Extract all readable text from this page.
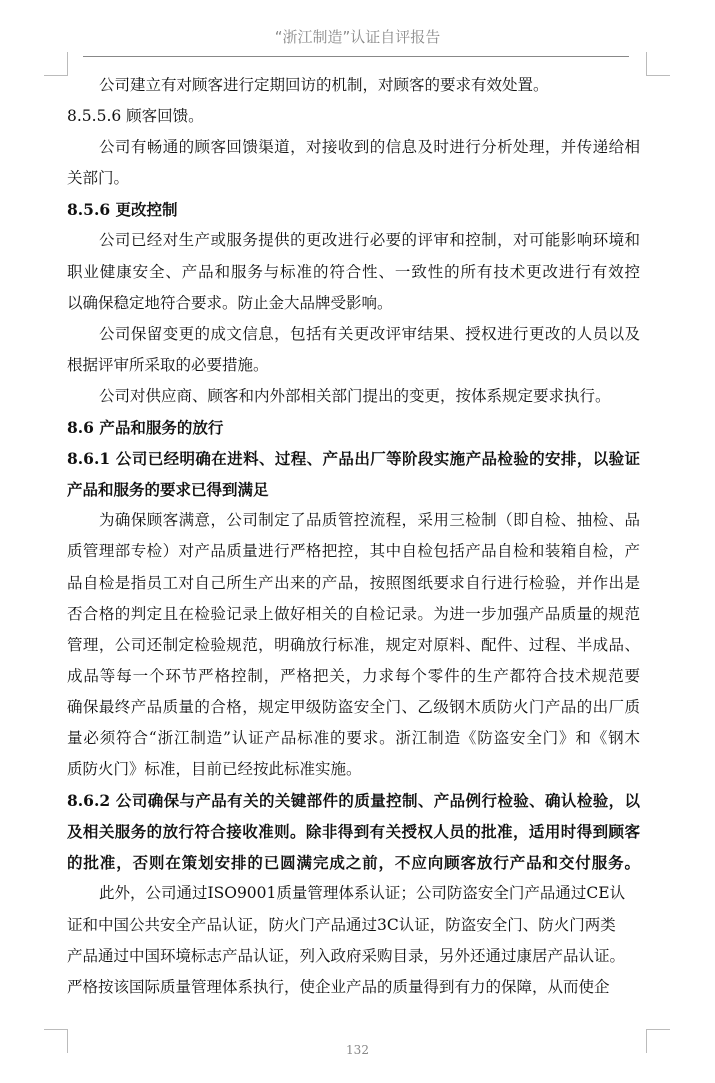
“浙江制造”认证自评报告
公司建立有对顾客进行定期回访的机制，对顾客的要求有效处置。
8.5.5.6 顾客回馈。
公司有畅通的顾客回馈渠道，对接收到的信息及时进行分析处理，并传递给相
关部门。
8.5.6 更改控制
公司已经对生产或服务提供的更改进行必要的评审和控制，对可能影响环境和
职业健康安全、产品和服务与标准的符合性、一致性的所有技术更改进行有效控
以确保稳定地符合要求。防止金大品牌受影响。
公司保留变更的成文信息，包括有关更改评审结果、授权进行更改的人员以及
根据评审所采取的必要措施。
公司对供应商、顾客和内外部相关部门提出的变更，按体系规定要求执行。
8.6 产品和服务的放行
8.6.1 公司已经明确在进料、过程、产品出厂等阶段实施产品检验的安排，以验证
产品和服务的要求已得到满足
为确保顾客满意，公司制定了品质管控流程，采用三检制（即自检、抽检、品
质管理部专检）对产品质量进行严格把控，其中自检包括产品自检和装箱自检，产
品自检是指员工对自己所生产出来的产品，按照图纸要求自行进行检验，并作出是
否合格的判定且在检验记录上做好相关的自检记录。为进一步加强产品质量的规范
管理，公司还制定检验规范，明确放行标准，规定对原料、配件、过程、半成品、
成品等每一个环节严格控制，严格把关，力求每个零件的生产都符合技术规范要
确保最终产品质量的合格，规定甲级防盗安全门、乙级钢木质防火门产品的出厂质
量必须符合“浙江制造”认证产品标准的要求。浙江制造《防盗安全门》和《钢木
质防火门》标准，目前已经按此标准实施。
8.6.2 公司确保与产品有关的关键部件的质量控制、产品例行检验、确认检验，以
及相关服务的放行符合接收准则。除非得到有关授权人员的批准，适用时得到顾客
的批准，否则在策划安排的已圆满完成之前，不应向顾客放行产品和交付服务。
此外，公司通过ISO9001质量管理体系认证；公司防盗安全门产品通过CE认
证和中国公共安全产品认证，防火门产品通过3C认证，防盗安全门、防火门两类
产品通过中国环境标志产品认证，列入政府采购目录，另外还通过康居产品认证。
严格按该国际质量管理体系执行，使企业产品的质量得到有力的保障，从而使企
132
